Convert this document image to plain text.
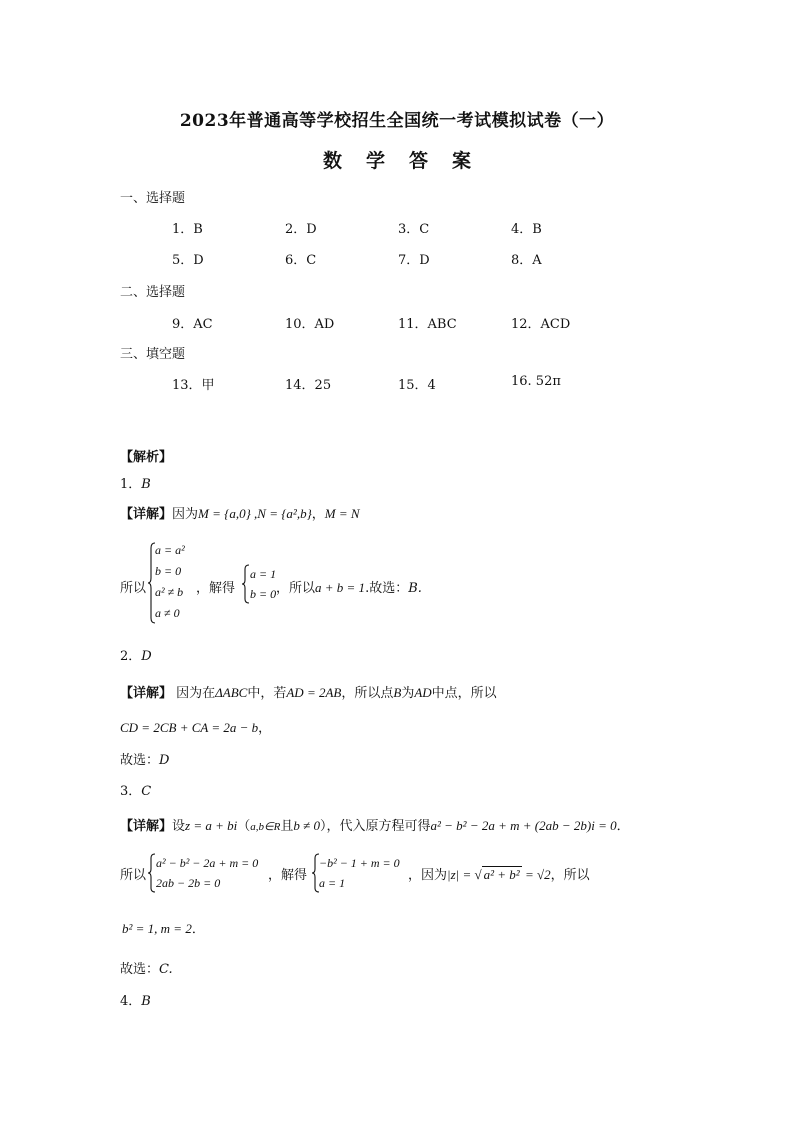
2023年普通高等学校招生全国统一考试模拟试卷（一）
数 学 答 案
一、选择题
1．B	2．D	3．C	4．B
5．D	6．C	7．D	8．A
二、选择题
9．AC	10．AD	11．ABC	12．ACD
三、填空题
13．甲	14．25	15．4	16. 52π
【解析】
1．B
【详解】因为M = {a,0} ,N = {a²,b}，M = N
所以
a = a²
b = 0
a² ≠ b
a ≠ 0
，解得
a = 1
b = 0 ，所以a + b = 1.故选：B.
2．D
【详解】 因为在ΔABC中，若AD = 2AB，所以点B为AD中点，所以
CD = 2CB + CA = 2a − b，
故选：D
3．C
【详解】设z = a + bi（a,b∈R且b ≠ 0），代入原方程可得a² − b² − 2a + m + (2ab − 2b)i = 0．
所以
a² − b² − 2a + m = 0
2ab − 2b = 0	，解得
−b² − 1 + m = 0
a = 1	，因为|z| = √ a² + b² = √2，所以
b² = 1, m = 2．
故选：C.
4．B
